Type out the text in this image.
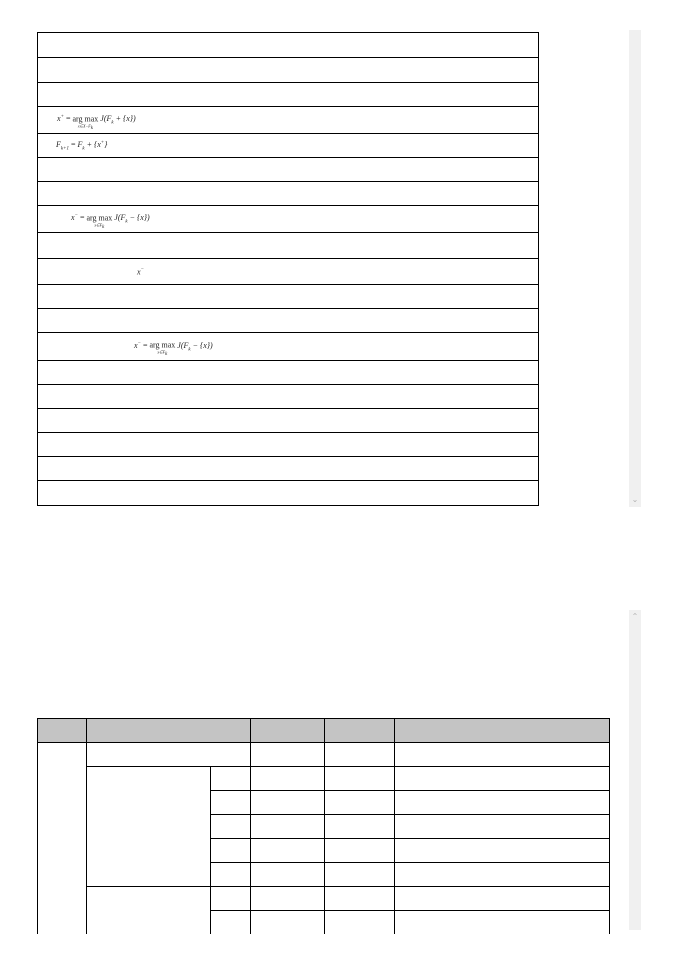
x+ = arg max
$x\in X-F_k$
$J(F_k + \{x\})$

$F_{k+1} = F_k + \{x^+\}$

x− = arg max
$x\in F_k$
$J(F_k - \{x\})$

x−

x− = arg max
$x\in F_k$
$J(F_k - \{x\})$

⌄
⌃
